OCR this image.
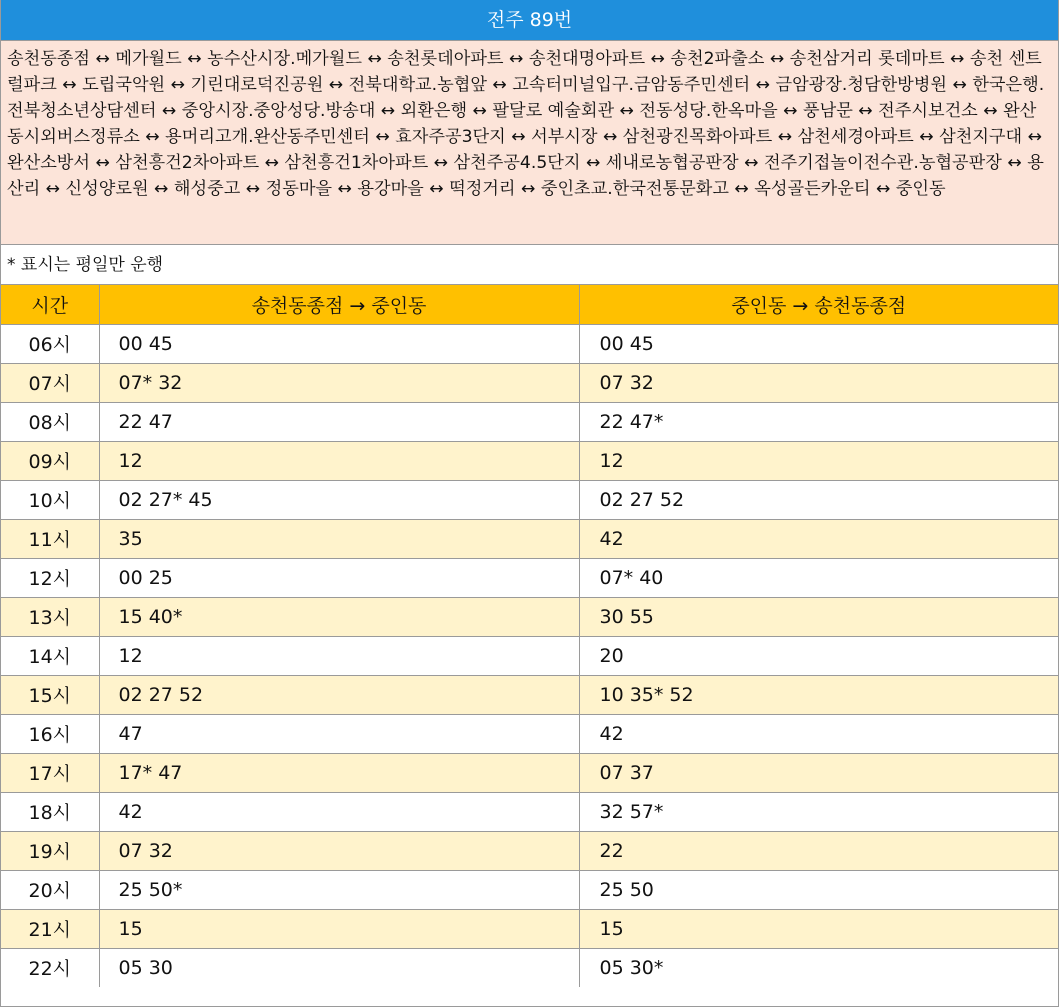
전주 89번
송천동종점 ↔ 메가월드 ↔ 농수산시장.메가월드 ↔ 송천롯데아파트 ↔ 송천대명아파트 ↔ 송천2파출소 ↔ 송천삼거리 롯데마트 ↔ 송천 센트럴파크 ↔ 도립국악원 ↔ 기린대로덕진공원 ↔ 전북대학교.농협앞 ↔ 고속터미널입구.금암동주민센터 ↔ 금암광장.청담한방병원 ↔ 한국은행.전북청소년상담센터 ↔ 중앙시장.중앙성당.방송대 ↔ 외환은행 ↔ 팔달로 예술회관 ↔ 전동성당.한옥마을 ↔ 풍남문 ↔ 전주시보건소 ↔ 완산동시외버스정류소 ↔ 용머리고개.완산동주민센터 ↔ 효자주공3단지 ↔ 서부시장 ↔ 삼천광진목화아파트 ↔ 삼천세경아파트 ↔ 삼천지구대 ↔ 완산소방서 ↔ 삼천흥건2차아파트 ↔ 삼천흥건1차아파트 ↔ 삼천주공4.5단지 ↔ 세내로농협공판장 ↔ 전주기접놀이전수관.농협공판장 ↔ 용산리 ↔ 신성양로원 ↔ 해성중고 ↔ 정동마을 ↔ 용강마을 ↔ 떡정거리 ↔ 중인초교.한국전통문화고 ↔ 옥성골든카운티 ↔ 중인동
* 표시는 평일만 운행
시간	송천동종점 → 중인동	중인동 → 송천동종점
06시	00 45	00 45
07시	07* 32	07 32
08시	22 47	22 47*
09시	12	12
10시	02 27* 45	02 27 52
11시	35	42
12시	00 25	07* 40
13시	15 40*	30 55
14시	12	20
15시	02 27 52	10 35* 52
16시	47	42
17시	17* 47	07 37
18시	42	32 57*
19시	07 32	22
20시	25 50*	25 50
21시	15	15
22시	05 30	05 30*
